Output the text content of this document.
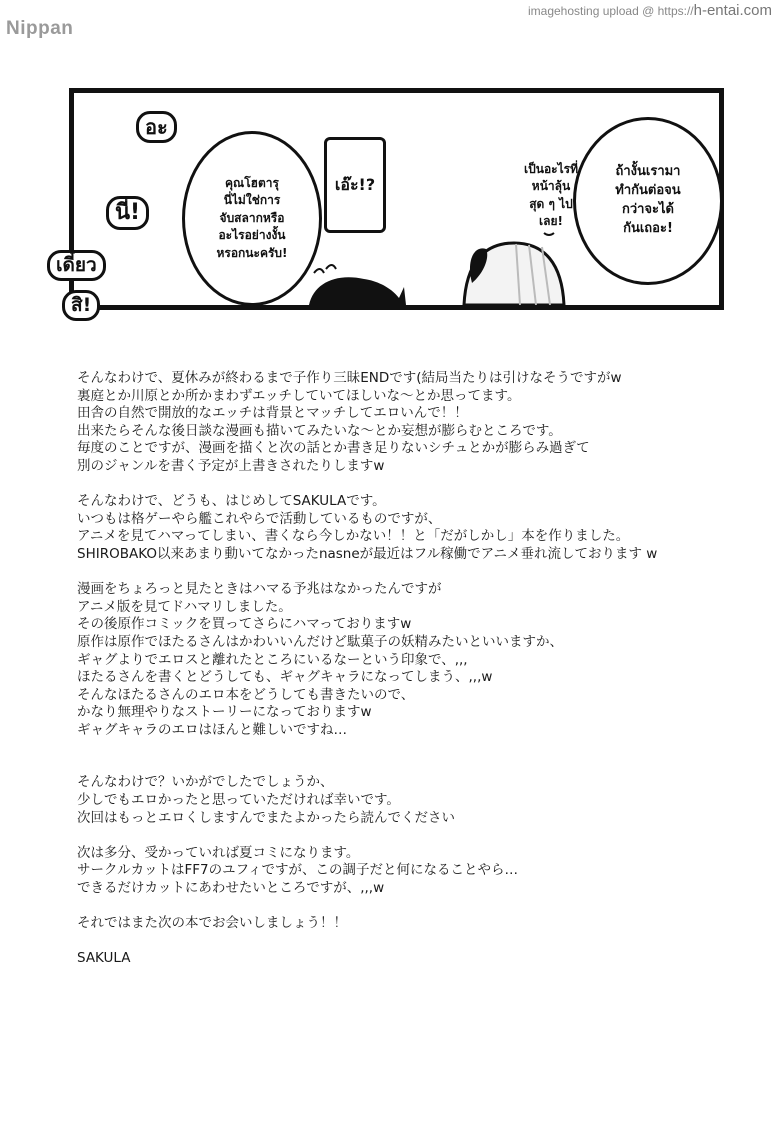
Nippan
imagehosting upload @ https://h-entai.com
คุณโฮตารุ
นี่ไม่ใช่การ
จับสลากหรือ
อะไรอย่างงั้น
หรอกนะครับ!
เอ๊ะ!?
เป็นอะไรที่
หน้าลุ้น
สุด ๆ ไป
เลย!
ถ้างั้นเรามา
ทำกันต่อจน
กว่าจะได้
กันเถอะ!
อะ
นี่!
เดี๋ยว
สิ!
そんなわけで、夏休みが終わるまで子作り三昧ENDです(結局当たりは引けなそうですがw
裏庭とか川原とか所かまわずエッチしていてほしいな〜とか思ってます。
田舎の自然で開放的なエッチは背景とマッチしてエロいんで！！
出来たらそんな後日談な漫画も描いてみたいな〜とか妄想が膨らむところです。
毎度のことですが、漫画を描くと次の話とか書き足りないシチュとかが膨らみ過ぎて
別のジャンルを書く予定が上書きされたりしますw
そんなわけで、どうも、はじめしてSAKULAです。
いつもは格ゲーやら艦これやらで活動しているものですが、
アニメを見てハマってしまい、書くなら今しかない！！と「だがしかし」本を作りました。
SHIROBAKO以来あまり動いてなかったnasneが最近はフル稼働でアニメ垂れ流しております w
漫画をちょろっと見たときはハマる予兆はなかったんですが
アニメ版を見てドハマリしました。
その後原作コミックを買ってさらにハマっておりますw
原作は原作でほたるさんはかわいいんだけど駄菓子の妖精みたいといいますか、
ギャグよりでエロスと離れたところにいるなーという印象で、,,,
ほたるさんを書くとどうしても、ギャグキャラになってしまう、,,,w
そんなほたるさんのエロ本をどうしても書きたいので、
かなり無理やりなストーリーになっておりますw
ギャグキャラのエロはほんと難しいですね…
そんなわけで？いかがでしたでしょうか、
少しでもエロかったと思っていただければ幸いです。
次回はもっとエロくしますんでまたよかったら読んでください
次は多分、受かっていれば夏コミになります。
サークルカットはFF7のユフィですが、この調子だと何になることやら…
できるだけカットにあわせたいところですが、,,,w
それではまた次の本でお会いしましょう！！
SAKULA
